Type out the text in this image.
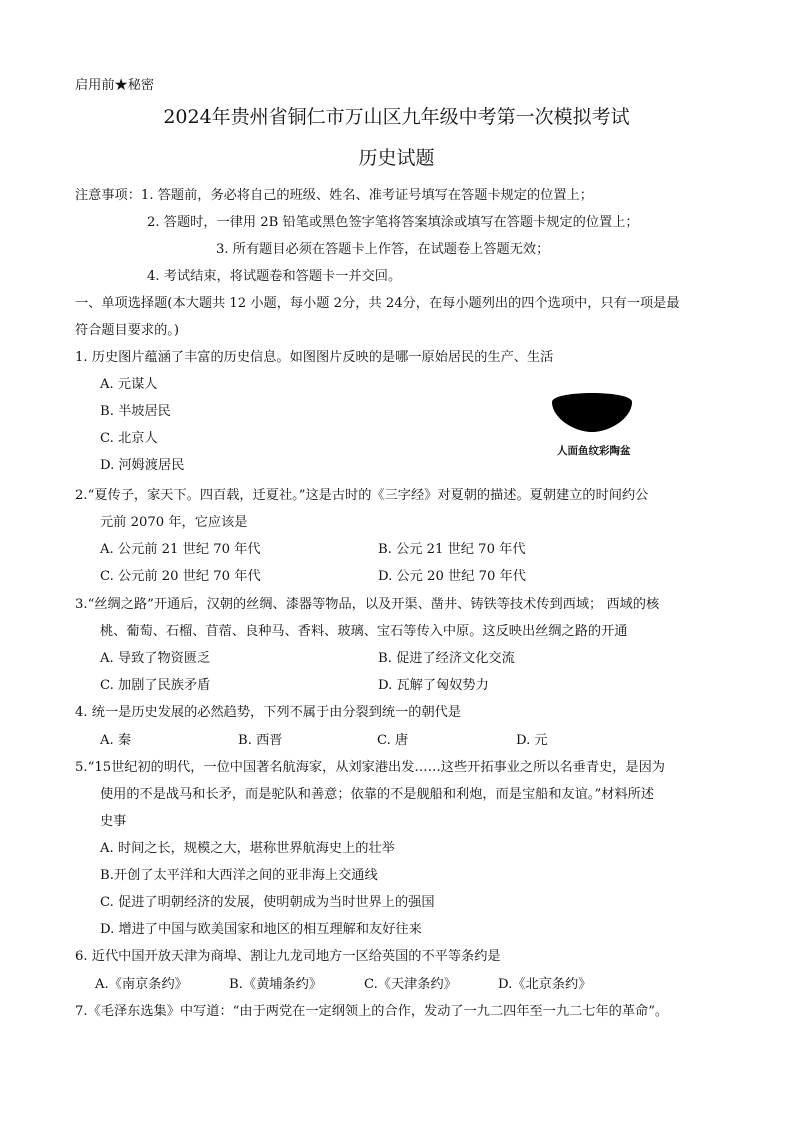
启用前★秘密
2024年贵州省铜仁市万山区九年级中考第一次模拟考试
历史试题
注意事项：1. 答题前，务必将自己的班级、姓名、准考证号填写在答题卡规定的位置上；
2. 答题时，一律用 2B 铅笔或黑色签字笔将答案填涂或填写在答题卡规定的位置上；
3. 所有题目必须在答题卡上作答，在试题卷上答题无效；
4. 考试结束，将试题卷和答题卡一并交回。
一、单项选择题(本大题共 12 小题，每小题 2分，共 24分，在每小题列出的四个选项中，只有一项是最
符合题目要求的。)
1. 历史图片蕴涵了丰富的历史信息。如图图片反映的是哪一原始居民的生产、生活
A. 元谋人
B. 半坡居民
C. 北京人
D. 河姆渡居民
人面鱼纹彩陶盆
2.“夏传子，家天下。四百载，迁夏社。”这是古时的《三字经》对夏朝的描述。夏朝建立的时间约公
元前 2070 年，它应该是
A. 公元前 21 世纪 70 年代	B. 公元 21 世纪 70 年代
C. 公元前 20 世纪 70 年代	D. 公元 20 世纪 70 年代
3.“丝绸之路”开通后，汉朝的丝绸、漆器等物品，以及开渠、凿井、铸铁等技术传到西域； 西域的核
桃、葡萄、石榴、苜蓿、良种马、香料、玻璃、宝石等传入中原。这反映出丝绸之路的开通
A. 导致了物资匮乏	B. 促进了经济文化交流
C. 加剧了民族矛盾	D. 瓦解了匈奴势力
4. 统一是历史发展的必然趋势，下列不属于由分裂到统一的朝代是
A. 秦	B. 西晋	C. 唐	D. 元
5.“15世纪初的明代，一位中国著名航海家，从刘家港出发……这些开拓事业之所以名垂青史，是因为
使用的不是战马和长矛，而是驼队和善意；依靠的不是舰船和利炮，而是宝船和友谊。”材料所述
史事
A. 时间之长，规模之大，堪称世界航海史上的壮举
B.开创了太平洋和大西洋之间的亚非海上交通线
C. 促进了明朝经济的发展，使明朝成为当时世界上的强国
D. 增进了中国与欧美国家和地区的相互理解和友好往来
6. 近代中国开放天津为商埠、割让九龙司地方一区给英国的不平等条约是
A.《南京条约》	B.《黄埔条约》	C.《天津条约》	D.《北京条约》
7.《毛泽东选集》中写道：“由于两党在一定纲领上的合作，发动了一九二四年至一九二七年的革命”。
